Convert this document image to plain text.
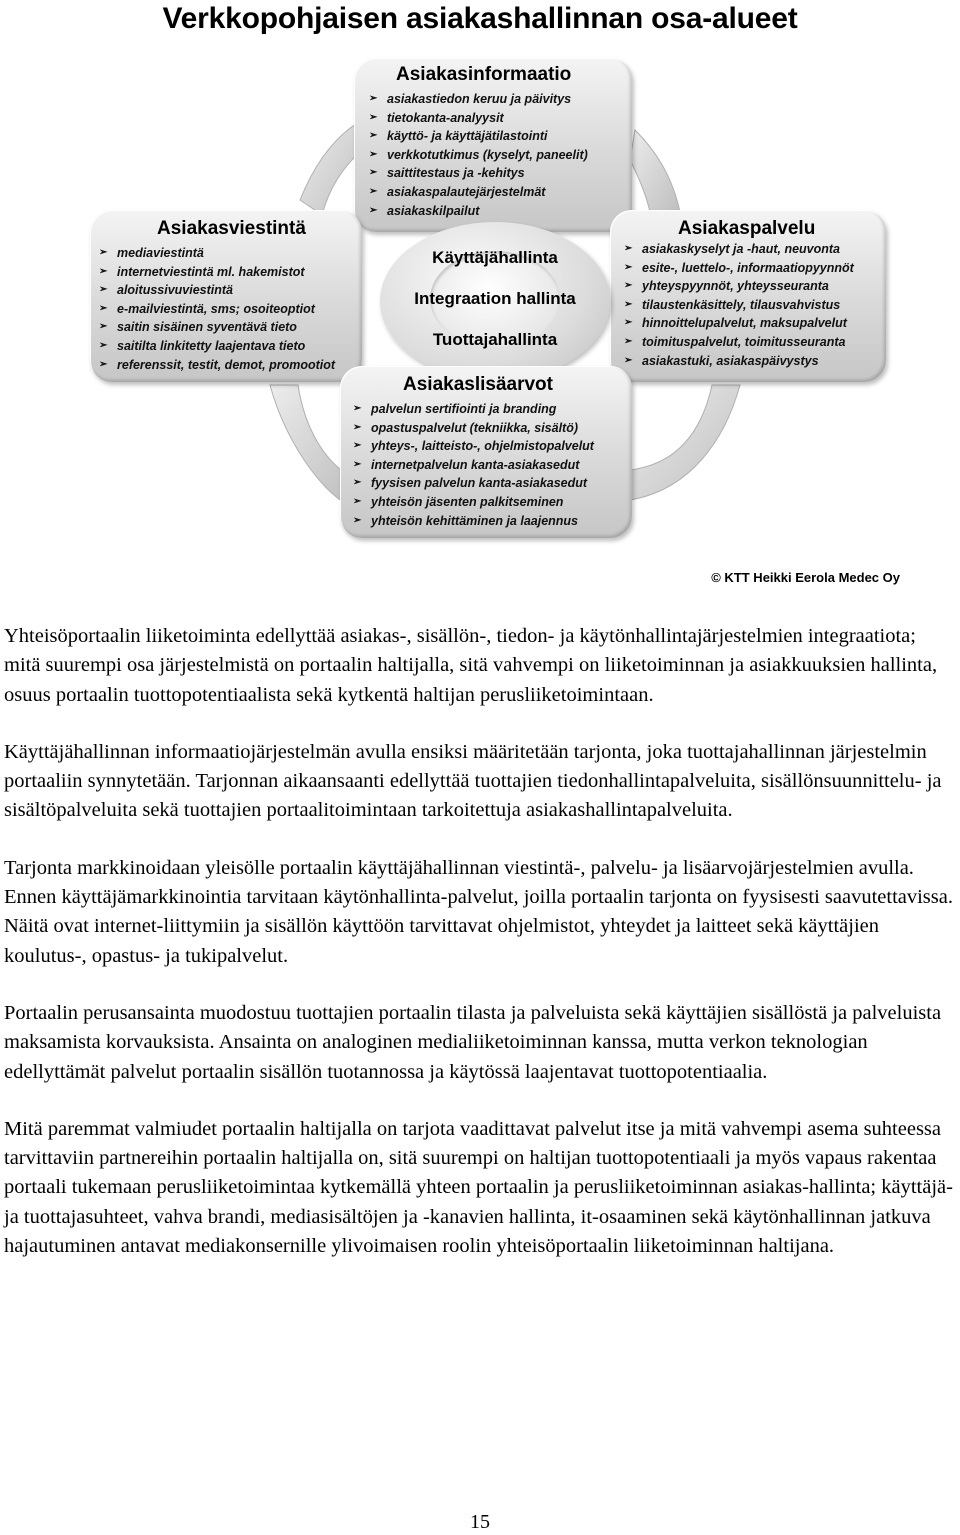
Verkkopohjaisen asiakashallinnan osa-alueet
Asiakasinformaatio
➢ asiakastiedon keruu ja päivitys
➢ tietokanta-analyysit
➢ käyttö- ja käyttäjätilastointi
➢ verkkotutkimus (kyselyt, paneelit)
➢ saittitestaus ja -kehitys
➢ asiakaspalautejärjestelmät
➢ asiakaskilpailut
Asiakasviestintä
➢ mediaviestintä
➢ internetviestintä ml. hakemistot
➢ aloitussivuviestintä
➢ e-mailviestintä, sms; osoiteoptiot
➢ saitin sisäinen syventävä tieto
➢ saitilta linkitetty laajentava tieto
➢ referenssit, testit, demot, promootiot
Asiakaspalvelu
➢ asiakaskyselyt ja -haut, neuvonta
➢ esite-, luettelo-, informaatiopyynnöt
➢ yhteyspyynnöt, yhteysseuranta
➢ tilaustenkäsittely, tilausvahvistus
➢ hinnoittelupalvelut, maksupalvelut
➢ toimituspalvelut, toimitusseuranta
➢ asiakastuki, asiakaspäivystys
Käyttäjähallinta
Integraation hallinta
Tuottajahallinta
Asiakaslisäarvot
➢ palvelun sertifiointi ja branding
➢ opastuspalvelut (tekniikka, sisältö)
➢ yhteys-, laitteisto-, ohjelmistopalvelut
➢ internetpalvelun kanta-asiakasedut
➢ fyysisen palvelun kanta-asiakasedut
➢ yhteisön jäsenten palkitseminen
➢ yhteisön kehittäminen ja laajennus
© KTT Heikki Eerola Medec Oy

Yhteisöportaalin liiketoiminta edellyttää asiakas-, sisällön-, tiedon- ja käytönhallintajärjestelmien integraatiota; mitä suurempi osa järjestelmistä on portaalin haltijalla, sitä vahvempi on liiketoiminnan ja asiakkuuksien hallinta, osuus portaalin tuottopotentiaalista sekä kytkentä haltijan perusliiketoimintaan.

Käyttäjähallinnan informaatiojärjestelmän avulla ensiksi määritetään tarjonta, joka tuottajahallinnan järjestelmin portaaliin synnytetään. Tarjonnan aikaansaanti edellyttää tuottajien tiedonhallintapalveluita, sisällönsuunnittelu- ja sisältöpalveluita sekä tuottajien portaalitoimintaan tarkoitettuja asiakashallintapalveluita.

Tarjonta markkinoidaan yleisölle portaalin käyttäjähallinnan viestintä-, palvelu- ja lisäarvojärjestelmien avulla. Ennen käyttäjämarkkinointia tarvitaan käytönhallinta-palvelut, joilla portaalin tarjonta on fyysisesti saavutettavissa. Näitä ovat internet-liittymiin ja sisällön käyttöön tarvittavat ohjelmistot, yhteydet ja laitteet sekä käyttäjien koulutus-, opastus- ja tukipalvelut.

Portaalin perusansainta muodostuu tuottajien portaalin tilasta ja palveluista sekä käyttäjien sisällöstä ja palveluista maksamista korvauksista. Ansainta on analoginen medialiiketoiminnan kanssa, mutta verkon teknologian edellyttämät palvelut portaalin sisällön tuotannossa ja käytössä laajentavat tuottopotentiaalia.

Mitä paremmat valmiudet portaalin haltijalla on tarjota vaadittavat palvelut itse ja mitä vahvempi asema suhteessa tarvittaviin partnereihin portaalin haltijalla on, sitä suurempi on haltijan tuottopotentiaali ja myös vapaus rakentaa portaali tukemaan perusliiketoimintaa kytkemällä yhteen portaalin ja perusliiketoiminnan asiakas-hallinta; käyttäjä- ja tuottajasuhteet, vahva brandi, mediasisältöjen ja -kanavien hallinta, it-osaaminen sekä käytönhallinnan jatkuva hajautuminen antavat mediakonsernille ylivoimaisen roolin yhteisöportaalin liiketoiminnan haltijana.

15
